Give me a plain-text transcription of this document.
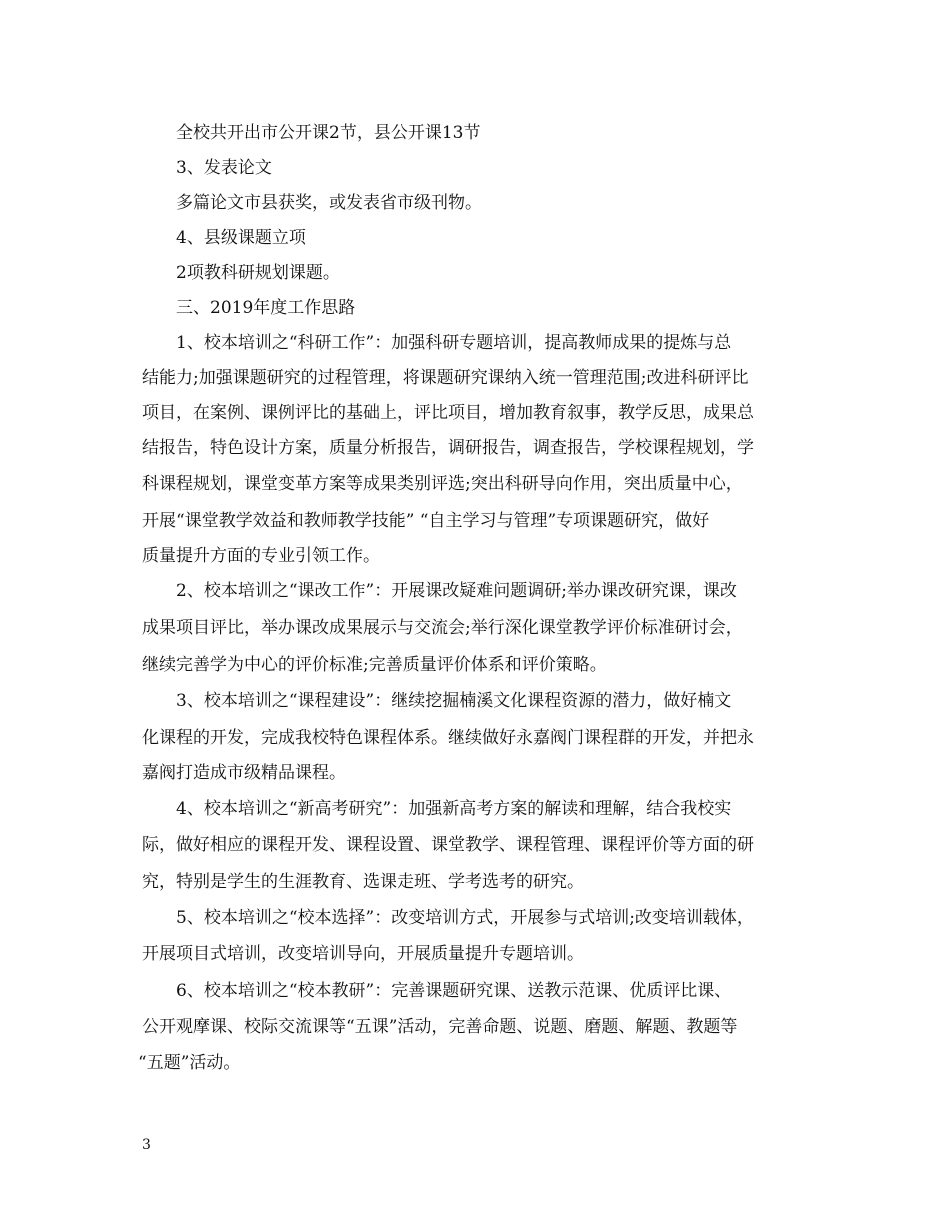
全校共开出市公开课2节，县公开课13节
3、发表论文
多篇论文市县获奖，或发表省市级刊物。
4、县级课题立项
2项教科研规划课题。
三、2019年度工作思路
1、校本培训之“科研工作”：加强科研专题培训，提高教师成果的提炼与总
结能力;加强课题研究的过程管理，将课题研究课纳入统一管理范围;改进科研评比
项目，在案例、课例评比的基础上，评比项目，增加教育叙事，教学反思，成果总
结报告，特色设计方案，质量分析报告，调研报告，调查报告，学校课程规划，学
科课程规划，课堂变革方案等成果类别评选;突出科研导向作用，突出质量中心，
开展“课堂教学效益和教师教学技能” “自主学习与管理”专项课题研究，做好
质量提升方面的专业引领工作。
2、校本培训之“课改工作”：开展课改疑难问题调研;举办课改研究课，课改
成果项目评比，举办课改成果展示与交流会;举行深化课堂教学评价标准研讨会，
继续完善学为中心的评价标准;完善质量评价体系和评价策略。
3、校本培训之“课程建设”：继续挖掘楠溪文化课程资源的潜力，做好楠文
化课程的开发，完成我校特色课程体系。继续做好永嘉阀门课程群的开发，并把永
嘉阀打造成市级精品课程。
4、校本培训之“新高考研究”：加强新高考方案的解读和理解，结合我校实
际，做好相应的课程开发、课程设置、课堂教学、课程管理、课程评价等方面的研
究，特别是学生的生涯教育、选课走班、学考选考的研究。
5、校本培训之“校本选择”：改变培训方式，开展参与式培训;改变培训载体，
开展项目式培训，改变培训导向，开展质量提升专题培训。
6、校本培训之“校本教研”：完善课题研究课、送教示范课、优质评比课、
公开观摩课、校际交流课等“五课”活动，完善命题、说题、磨题、解题、教题等
“五题”活动。
3
